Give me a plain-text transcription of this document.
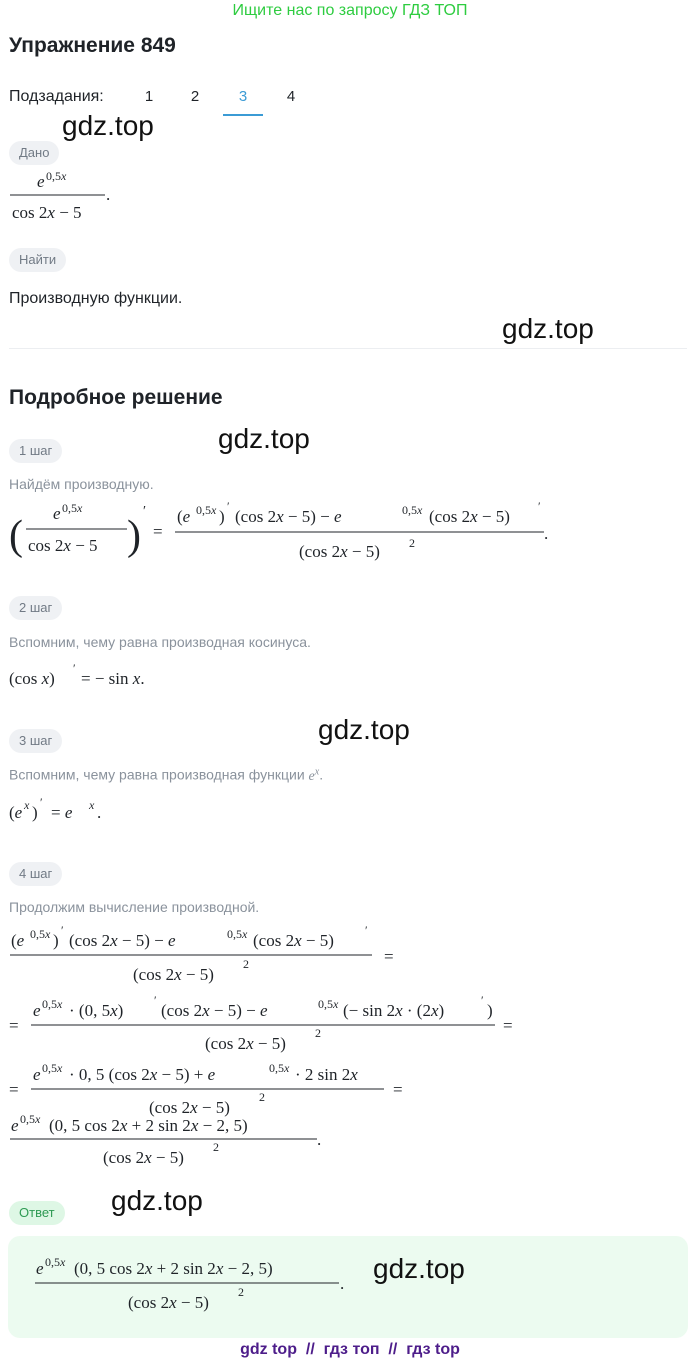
Ищите нас по запросу ГДЗ ТОП
Упражнение 849
Подзадания:	1	2	3	4
gdz.top
Дано
e 0,5x
cos 2x − 5
.
Найти
Производную функции.
gdz.top
Подробное решение
gdz.top
1 шаг
Найдём производную.
( e 0,5x
cos 2x − 5 )
′
=
(e 0,5x )
′
(cos 2x − 5) − e	0,5x (cos 2x − 5)
′
(cos 2x − 5) 2	.
2 шаг
Вспомним, чему равна производная косинуса.
(cos x)
′
= − sin x.
gdz.top
3 шаг
Вспомним, чему равна производная функции $e^x$.
(e x )
′
= e x .
4 шаг
Продолжим вычисление производной.
(e 0,5x )
′
(cos 2x − 5) − e	0,5x (cos 2x − 5)
′
(cos 2x − 5)
2	=
=
e 0,5x · (0, 5x)
′
(cos 2x − 5) − e	0,5x (− sin 2x · (2x)
′
)
(cos 2x − 5)
2	=
=
e 0,5x · 0, 5 (cos 2x − 5) + e	0,5x · 2 sin 2x
(cos 2x − 5)
2	=
e 0,5x (0, 5 cos 2x + 2 sin 2x − 2, 5)
(cos 2x − 5)
2	.
gdz.top
Ответ
e 0,5x (0, 5 cos 2x + 2 sin 2x − 2, 5)
(cos 2x − 5)
2	. gdz.top
gdz top  //  гдз топ  //  гдз top
